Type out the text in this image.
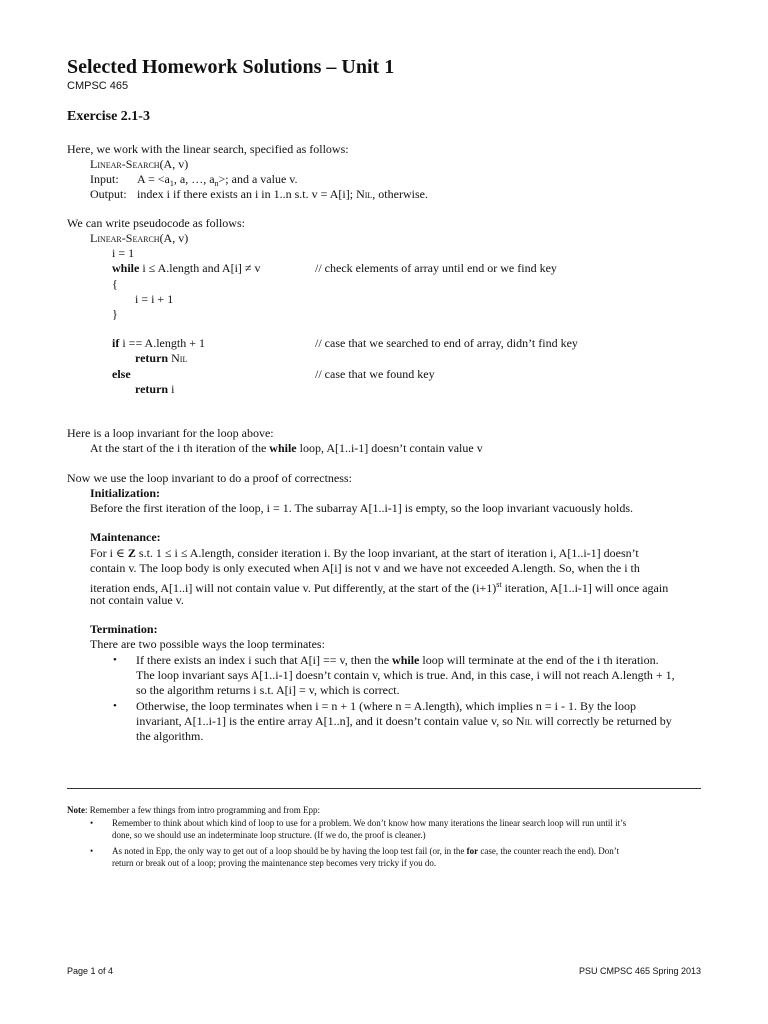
Selected Homework Solutions – Unit 1
CMPSC 465
Exercise 2.1-3
Here, we work with the linear search, specified as follows:
Linear-Search(A, v)
Input: $A = <a_1$, a, …, $a_n>$; and a value v.
Output: index i if there exists an i in 1..n s.t. v = A[i]; Nil, otherwise.
We can write pseudocode as follows:
Linear-Search(A, v)
i = 1
while i ≤ A.length and A[i] ≠ v	// check elements of array until end or we find key
{
i = i + 1
}
if i == A.length + 1	// case that we searched to end of array, didn’t find key
return Nil
else	// case that we found key
return i
Here is a loop invariant for the loop above:
At the start of the i th iteration of the while loop, A[1..i-1] doesn’t contain value v
Now we use the loop invariant to do a proof of correctness:
Initialization:
Before the first iteration of the loop, i = 1. The subarray A[1..i-1] is empty, so the loop invariant vacuously holds.
Maintenance:
For i ∈ Z s.t. 1 ≤ i ≤ A.length, consider iteration i. By the loop invariant, at the start of iteration i, A[1..i-1] doesn’t
contain v. The loop body is only executed when A[i] is not v and we have not exceeded A.length. So, when the i th
iteration ends, A[1..i] will not contain value v. Put differently, at the start of the $(i+1)^{st}$ iteration, A[1..i-1] will once again
not contain value v.
Termination:
There are two possible ways the loop terminates:
• If there exists an index i such that A[i] == v, then the while loop will terminate at the end of the i th iteration.
The loop invariant says A[1..i-1] doesn’t contain v, which is true. And, in this case, i will not reach A.length + 1,
so the algorithm returns i s.t. A[i] = v, which is correct.
• Otherwise, the loop terminates when i = n + 1 (where n = A.length), which implies n = i - 1. By the loop
invariant, A[1..i-1] is the entire array A[1..n], and it doesn’t contain value v, so Nil will correctly be returned by
the algorithm.
Note: Remember a few things from intro programming and from Epp:
• Remember to think about which kind of loop to use for a problem. We don’t know how many iterations the linear search loop will run until it’s
done, so we should use an indeterminate loop structure. (If we do, the proof is cleaner.)
• As noted in Epp, the only way to get out of a loop should be by having the loop test fail (or, in the for case, the counter reach the end). Don’t
return or break out of a loop; proving the maintenance step becomes very tricky if you do.
Page 1 of 4	PSU CMPSC 465 Spring 2013
